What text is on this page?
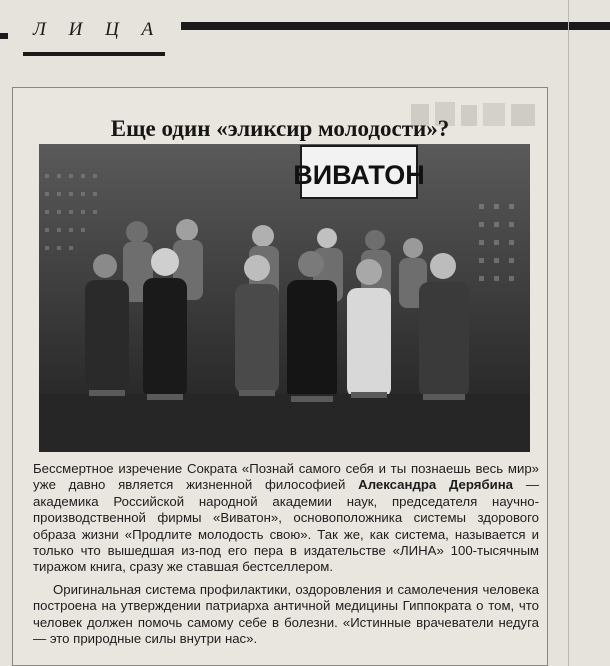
Л И Ц А
Еще один «эликсир молодости»?
ВИВАТОН

Бессмертное изречение Сократа «Познай самого себя и ты познаешь весь мир» уже давно является жизненной философией Александра Дерябина — академика Российской народной академии наук, председателя научно-производственной фирмы «Виватон», основоположника системы здорового образа жизни «Продлите молодость свою». Так же, как система, называется и только что вышедшая из-под его пера в издательстве «ЛИНА» 100-тысячным тиражом книга, сразу же ставшая бестселлером.

Оригинальная система профилактики, оздоровления и самолечения человека построена на утверждении патриарха античной медицины Гиппократа о том, что человек должен помочь самому себе в болезни. «Истинные врачеватели недуга — это природные силы внутри нас».
